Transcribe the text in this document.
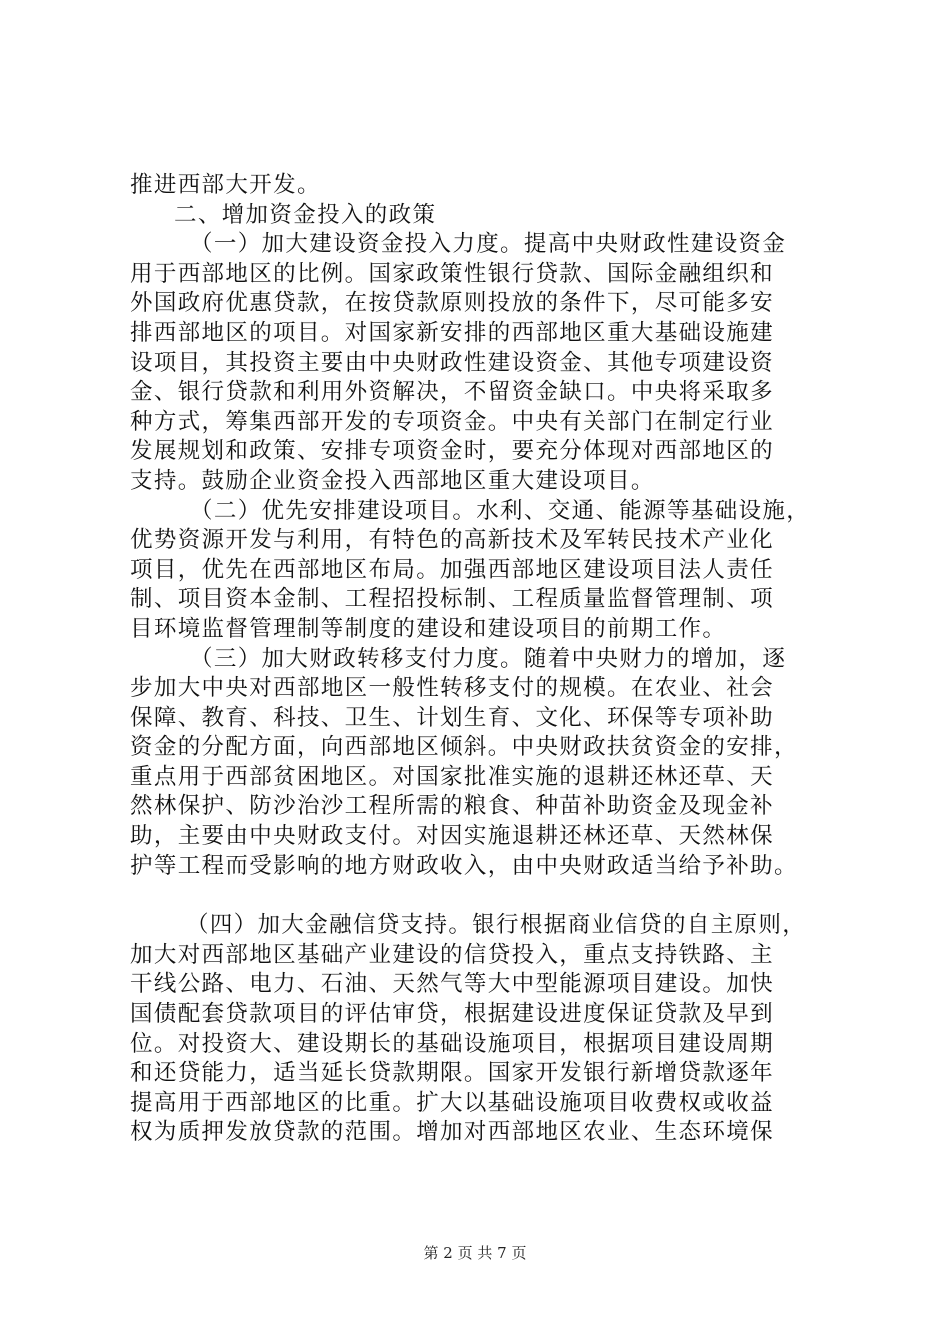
推进西部大开发。
二、增加资金投入的政策
（一）加大建设资金投入力度。提高中央财政性建设资金
用于西部地区的比例。国家政策性银行贷款、国际金融组织和
外国政府优惠贷款，在按贷款原则投放的条件下，尽可能多安
排西部地区的项目。对国家新安排的西部地区重大基础设施建
设项目，其投资主要由中央财政性建设资金、其他专项建设资
金、银行贷款和利用外资解决，不留资金缺口。中央将采取多
种方式，筹集西部开发的专项资金。中央有关部门在制定行业
发展规划和政策、安排专项资金时，要充分体现对西部地区的
支持。鼓励企业资金投入西部地区重大建设项目。
（二）优先安排建设项目。水利、交通、能源等基础设施，
优势资源开发与利用，有特色的高新技术及军转民技术产业化
项目，优先在西部地区布局。加强西部地区建设项目法人责任
制、项目资本金制、工程招投标制、工程质量监督管理制、项
目环境监督管理制等制度的建设和建设项目的前期工作。
（三）加大财政转移支付力度。随着中央财力的增加，逐
步加大中央对西部地区一般性转移支付的规模。在农业、社会
保障、教育、科技、卫生、计划生育、文化、环保等专项补助
资金的分配方面，向西部地区倾斜。中央财政扶贫资金的安排，
重点用于西部贫困地区。对国家批准实施的退耕还林还草、天
然林保护、防沙治沙工程所需的粮食、种苗补助资金及现金补
助，主要由中央财政支付。对因实施退耕还林还草、天然林保
护等工程而受影响的地方财政收入，由中央财政适当给予补助。
（四）加大金融信贷支持。银行根据商业信贷的自主原则，
加大对西部地区基础产业建设的信贷投入，重点支持铁路、主
干线公路、电力、石油、天然气等大中型能源项目建设。加快
国债配套贷款项目的评估审贷，根据建设进度保证贷款及早到
位。对投资大、建设期长的基础设施项目，根据项目建设周期
和还贷能力，适当延长贷款期限。国家开发银行新增贷款逐年
提高用于西部地区的比重。扩大以基础设施项目收费权或收益
权为质押发放贷款的范围。增加对西部地区农业、生态环境保
第 2 页 共 7 页
